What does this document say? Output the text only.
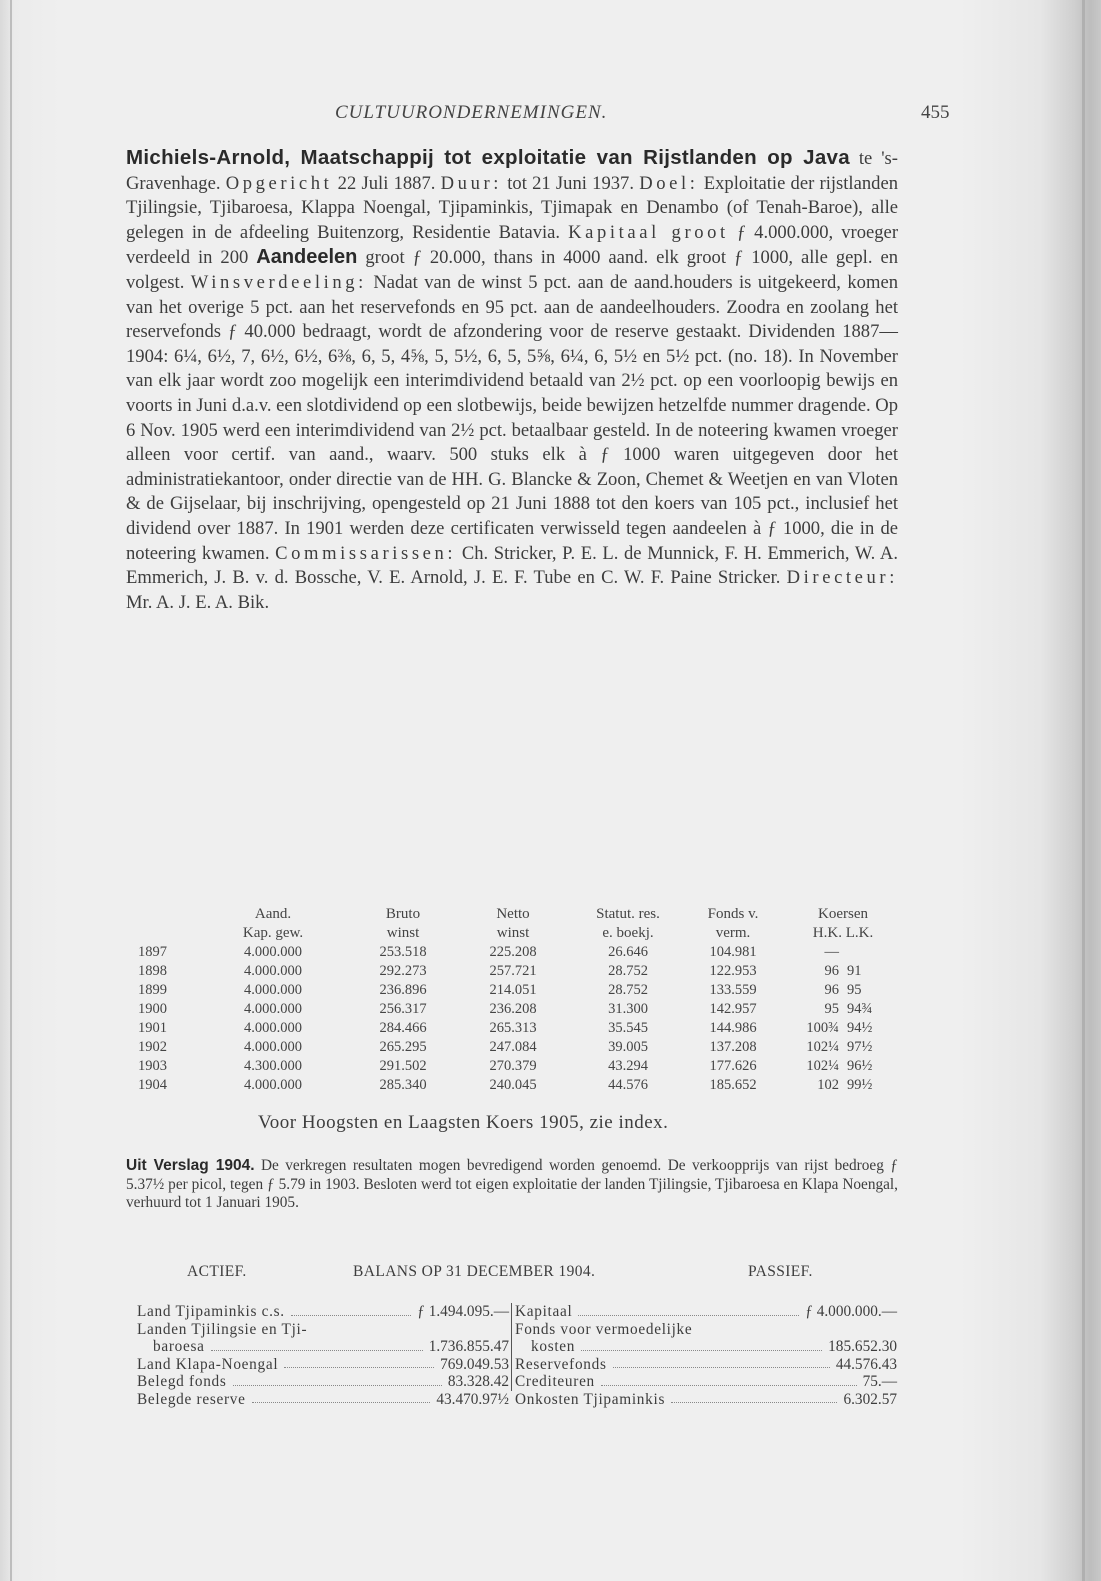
CULTUURONDERNEMINGEN.	455

Michiels-Arnold, Maatschappij tot exploitatie van Rijstlanden op Java te 's-Gravenhage. Opgericht 22 Juli 1887. Duur: tot 21 Juni 1937. Doel: Exploitatie der rijstlanden Tjilingsie, Tjibaroesa, Klappa Noengal, Tjipaminkis, Tjimapak en Denambo (of Tenah-Baroe), alle gelegen in de afdeeling Buitenzorg, Residentie Batavia. Kapitaal groot ƒ 4.000.000, vroeger verdeeld in 200 Aandeelen groot ƒ 20.000, thans in 4000 aand. elk groot ƒ 1000, alle gepl. en volgest. Winsverdeeling: Nadat van de winst 5 pct. aan de aand.houders is uitgekeerd, komen van het overige 5 pct. aan het reservefonds en 95 pct. aan de aandeelhouders. Zoodra en zoolang het reservefonds ƒ 40.000 bedraagt, wordt de afzondering voor de reserve gestaakt. Dividenden 1887—1904: 6¼, 6½, 7, 6½, 6½, 6⅜, 6, 5, 4⅝, 5, 5½, 6, 5, 5⅝, 6¼, 6, 5½ en 5½ pct. (no. 18). In November van elk jaar wordt zoo mogelijk een interimdividend betaald van 2½ pct. op een voorloopig bewijs en voorts in Juni d.a.v. een slotdividend op een slotbewijs, beide bewijzen hetzelfde nummer dragende. Op 6 Nov. 1905 werd een interimdividend van 2½ pct. betaalbaar gesteld. In de noteering kwamen vroeger alleen voor certif. van aand., waarv. 500 stuks elk à ƒ 1000 waren uitgegeven door het administratiekantoor, onder directie van de HH. G. Blancke & Zoon, Chemet & Weetjen en van Vloten & de Gijselaar, bij inschrijving, opengesteld op 21 Juni 1888 tot den koers van 105 pct., inclusief het dividend over 1887. In 1901 werden deze certificaten verwisseld tegen aandeelen à ƒ 1000, die in de noteering kwamen. Commissarissen: Ch. Stricker, P. E. L. de Munnick, F. H. Emmerich, W. A. Emmerich, J. B. v. d. Bossche, V. E. Arnold, J. E. F. Tube en C. W. F. Paine Stricker. Directeur: Mr. A. J. E. A. Bik.

	Aand.	Bruto	Netto	Statut. res.	Fonds v.	Koersen
	Kap. gew.	winst	winst	e. boekj.	verm.	H.K. L.K.
1897	4.000.000	253.518	225.208	26.646	104.981	—
1898	4.000.000	292.273	257.721	28.752	122.953	96 91
1899	4.000.000	236.896	214.051	28.752	133.559	96 95
1900	4.000.000	256.317	236.208	31.300	142.957	95 94¾
1901	4.000.000	284.466	265.313	35.545	144.986	100¾ 94½
1902	4.000.000	265.295	247.084	39.005	137.208	102¼ 97½
1903	4.300.000	291.502	270.379	43.294	177.626	102¼ 96½
1904	4.000.000	285.340	240.045	44.576	185.652	102 99½
Voor Hoogsten en Laagsten Koers 1905, zie index.
Uit Verslag 1904. De verkregen resultaten mogen bevredigend worden genoemd. De verkoopprijs van rijst bedroeg ƒ 5.37½ per picol, tegen ƒ 5.79 in 1903. Besloten werd tot eigen exploitatie der landen Tjilingsie, Tjibaroesa en Klapa Noengal, verhuurd tot 1 Januari 1905.
ACTIEF.	BALANS OP 31 DECEMBER 1904.	PASSIEF.
Land Tjipaminkis c.s.	ƒ 1.494.095.—
Landen Tjilingsie en Tji-
baroesa	1.736.855.47
Land Klapa-Noengal	769.049.53
Belegd fonds	83.328.42
Belegde reserve	43.470.97½
Kapitaal	ƒ 4.000.000.—
Fonds voor vermoedelijke
kosten	185.652.30
Reservefonds	44.576.43
Crediteuren	75.—
Onkosten Tjipaminkis	6.302.57
